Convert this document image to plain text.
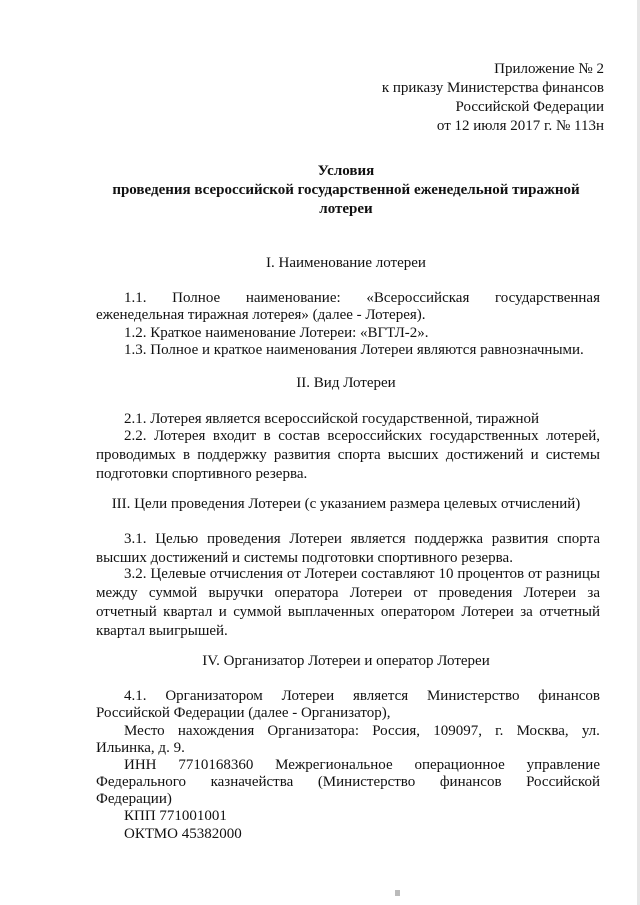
Приложение № 2
к приказу Министерства финансов
Российской Федерации
от 12 июля 2017 г. № 113н
Условия
проведения всероссийской государственной еженедельной тиражной
лотереи
I. Наименование лотереи
1.1. Полное наименование: «Всероссийская государственная
еженедельная тиражная лотерея» (далее - Лотерея).
1.2. Краткое наименование Лотереи: «ВГТЛ-2».
1.3. Полное и краткое наименования Лотереи являются равнозначными.
II. Вид Лотереи
2.1. Лотерея является всероссийской государственной, тиражной

2.2. Лотерея входит в состав всероссийских государственных лотерей, проводимых в поддержку развития спорта высших достижений и системы подготовки спортивного резерва.

III. Цели проведения Лотереи (с указанием размера целевых отчислений)

3.1. Целью проведения Лотереи является поддержка развития спорта высших достижений и системы подготовки спортивного резерва.

3.2. Целевые отчисления от Лотереи составляют 10 процентов от разницы между суммой выручки оператора Лотереи от проведения Лотереи за отчетный квартал и суммой выплаченных оператором Лотереи за отчетный квартал выигрышей.

IV. Организатор Лотереи и оператор Лотереи
4.1. Организатором Лотереи является Министерство финансов
Российской Федерации (далее - Организатор),
Место нахождения Организатора: Россия, 109097, г. Москва, ул.
Ильинка, д. 9.
ИНН 7710168360 Межрегиональное операционное управление
Федерального казначейства (Министерство финансов Российской
Федерации)
КПП 771001001
ОКТМО 45382000
